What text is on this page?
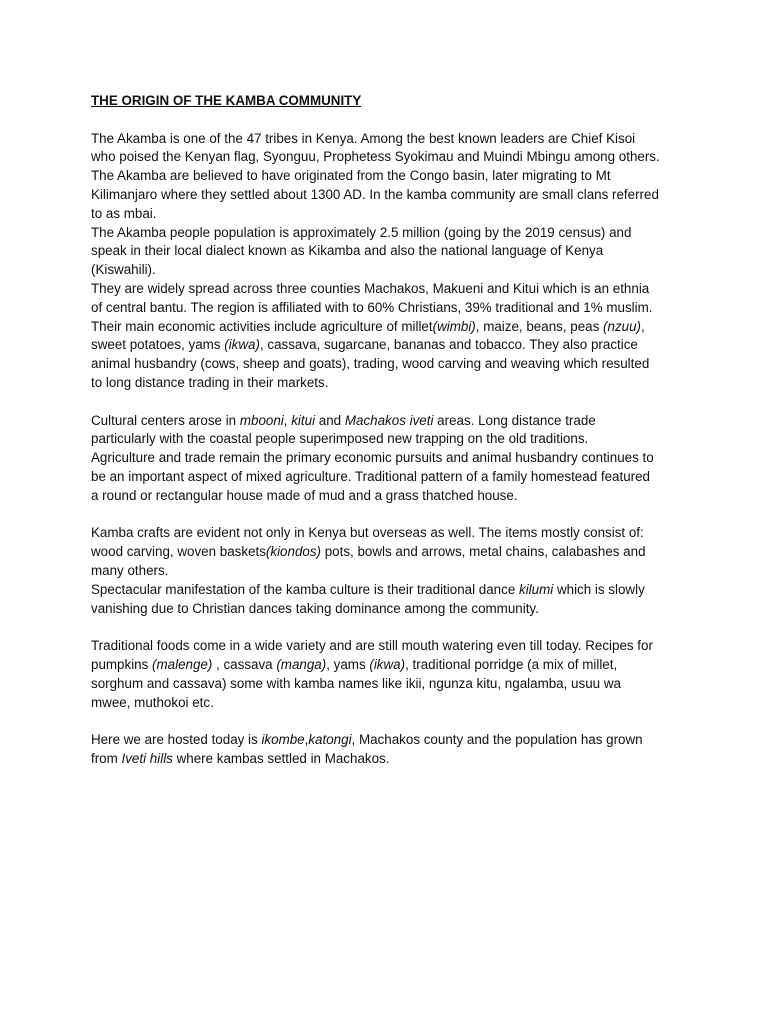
THE ORIGIN OF THE KAMBA COMMUNITY
The Akamba is one of the 47 tribes in Kenya. Among the best known leaders are Chief Kisoi
who poised the Kenyan flag, Syonguu, Prophetess Syokimau and Muindi Mbingu among others.
The Akamba are believed to have originated from the Congo basin, later migrating to Mt
Kilimanjaro where they settled about 1300 AD. In the kamba community are small clans referred
to as mbai.
The Akamba people population is approximately 2.5 million (going by the 2019 census) and
speak in their local dialect known as Kikamba and also the national language of Kenya
(Kiswahili).
They are widely spread across three counties Machakos, Makueni and Kitui which is an ethnia
of central bantu. The region is affiliated with to 60% Christians, 39% traditional and 1% muslim.
Their main economic activities include agriculture of millet(wimbi), maize, beans, peas (nzuu),
sweet potatoes, yams (ikwa), cassava, sugarcane, bananas and tobacco. They also practice
animal husbandry (cows, sheep and goats), trading, wood carving and weaving which resulted
to long distance trading in their markets.
Cultural centers arose in mbooni, kitui and Machakos iveti areas. Long distance trade
particularly with the coastal people superimposed new trapping on the old traditions.
Agriculture and trade remain the primary economic pursuits and animal husbandry continues to
be an important aspect of mixed agriculture. Traditional pattern of a family homestead featured
a round or rectangular house made of mud and a grass thatched house.
Kamba crafts are evident not only in Kenya but overseas as well. The items mostly consist of:
wood carving, woven baskets(kiondos) pots, bowls and arrows, metal chains, calabashes and
many others.
Spectacular manifestation of the kamba culture is their traditional dance kilumi which is slowly
vanishing due to Christian dances taking dominance among the community.
Traditional foods come in a wide variety and are still mouth watering even till today. Recipes for
pumpkins (malenge) , cassava (manga), yams (ikwa), traditional porridge (a mix of millet,
sorghum and cassava) some with kamba names like ikii, ngunza kitu, ngalamba, usuu wa
mwee, muthokoi etc.
Here we are hosted today is ikombe,katongi, Machakos county and the population has grown
from Iveti hills where kambas settled in Machakos.
